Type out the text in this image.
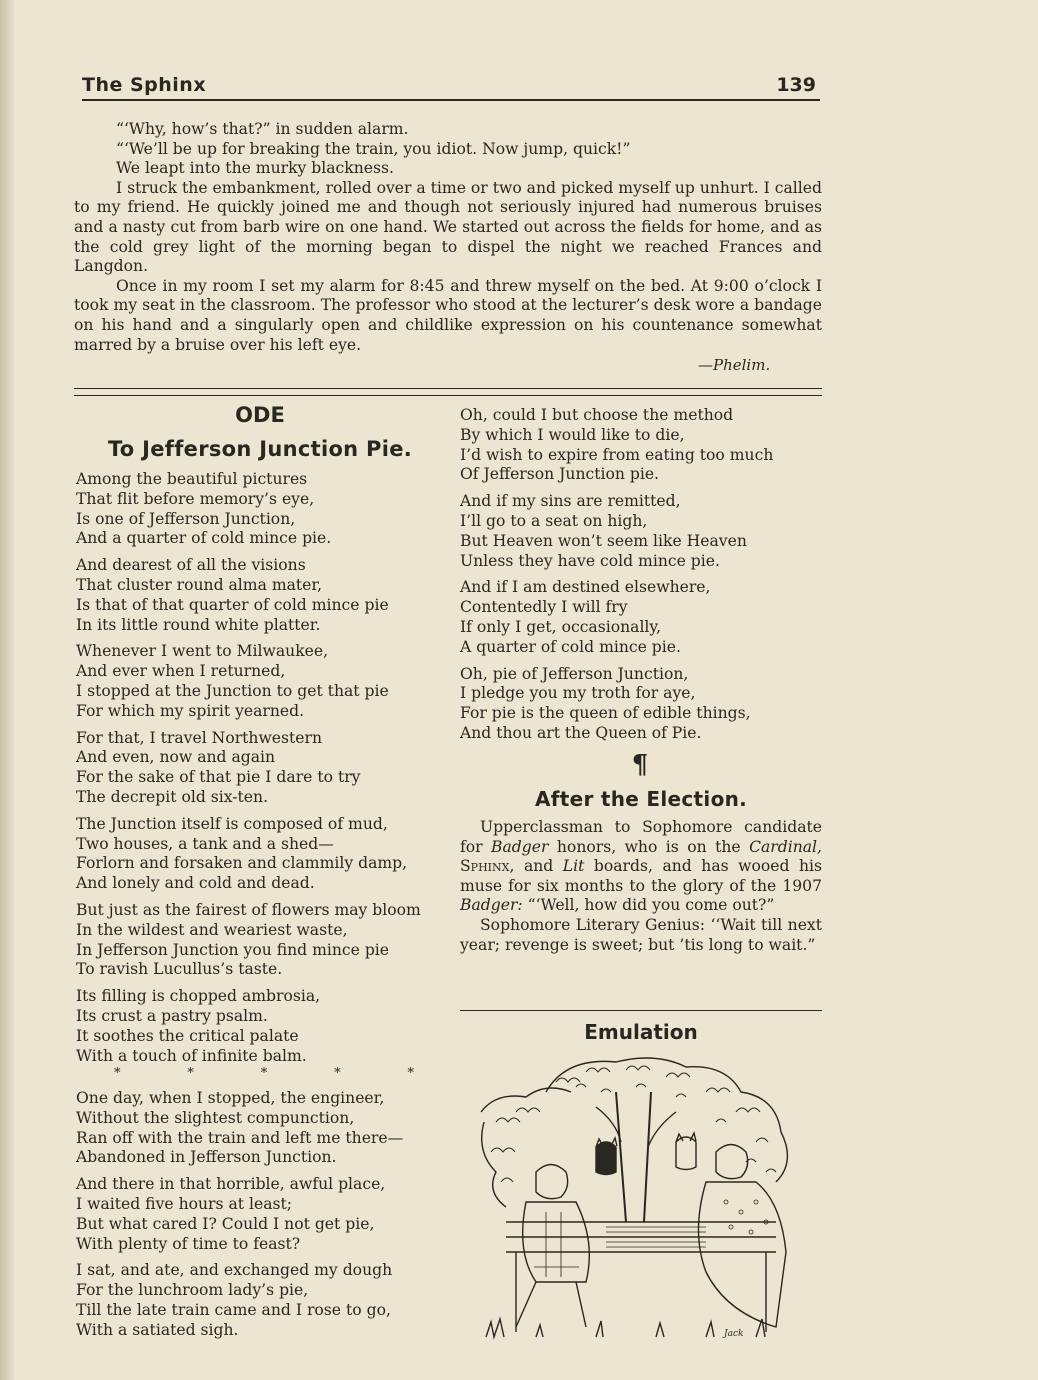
The Sphinx	139

“‘Why, how’s that?” in sudden alarm.

“‘We’ll be up for breaking the train, you idiot. Now jump, quick!”

We leapt into the murky blackness.

I struck the embankment, rolled over a time or two and picked myself up unhurt. I called to my friend. He quickly joined me and though not seriously injured had numerous bruises and a nasty cut from barb wire on one hand. We started out across the fields for home, and as the cold grey light of the morning began to dispel the night we reached Frances and Langdon.

Once in my room I set my alarm for 8:45 and threw myself on the bed. At 9:00 o’clock I took my seat in the classroom. The professor who stood at the lecturer’s desk wore a bandage on his hand and a singularly open and childlike expression on his countenance somewhat marred by a bruise over his left eye.

—Phelim.
ODE
To Jefferson Junction Pie.
Among the beautiful pictures
That flit before memory’s eye,
Is one of Jefferson Junction,
And a quarter of cold mince pie.
And dearest of all the visions
That cluster round alma mater,
Is that of that quarter of cold mince pie
In its little round white platter.
Whenever I went to Milwaukee,
And ever when I returned,
I stopped at the Junction to get that pie
For which my spirit yearned.
For that, I travel Northwestern
And even, now and again
For the sake of that pie I dare to try
The decrepit old six-ten.
The Junction itself is composed of mud,
Two houses, a tank and a shed—
Forlorn and forsaken and clammily damp,
And lonely and cold and dead.
But just as the fairest of flowers may bloom
In the wildest and weariest waste,
In Jefferson Junction you find mince pie
To ravish Lucullus’s taste.
Its filling is chopped ambrosia,
Its crust a pastry psalm.
It soothes the critical palate
With a touch of infinite balm.
*	*	*	*	*
One day, when I stopped, the engineer,
Without the slightest compunction,
Ran off with the train and left me there—
Abandoned in Jefferson Junction.
And there in that horrible, awful place,
I waited five hours at least;
But what cared I? Could I not get pie,
With plenty of time to feast?
I sat, and ate, and exchanged my dough
For the lunchroom lady’s pie,
Till the late train came and I rose to go,
With a satiated sigh.
Oh, could I but choose the method
By which I would like to die,
I’d wish to expire from eating too much
Of Jefferson Junction pie.
And if my sins are remitted,
I’ll go to a seat on high,
But Heaven won’t seem like Heaven
Unless they have cold mince pie.
And if I am destined elsewhere,
Contentedly I will fry
If only I get, occasionally,
A quarter of cold mince pie.
Oh, pie of Jefferson Junction,
I pledge you my troth for aye,
For pie is the queen of edible things,
And thou art the Queen of Pie.
¶
After the Election.

Upperclassman to Sophomore candidate for Badger honors, who is on the Cardinal, Sphinx, and Lit boards, and has wooed his muse for six months to the glory of the 1907 Badger: “‘Well, how did you come out?”

Sophomore Literary Genius: ‘‘Wait till next year; revenge is sweet; but ’tis long to wait.”

Emulation
Jack
